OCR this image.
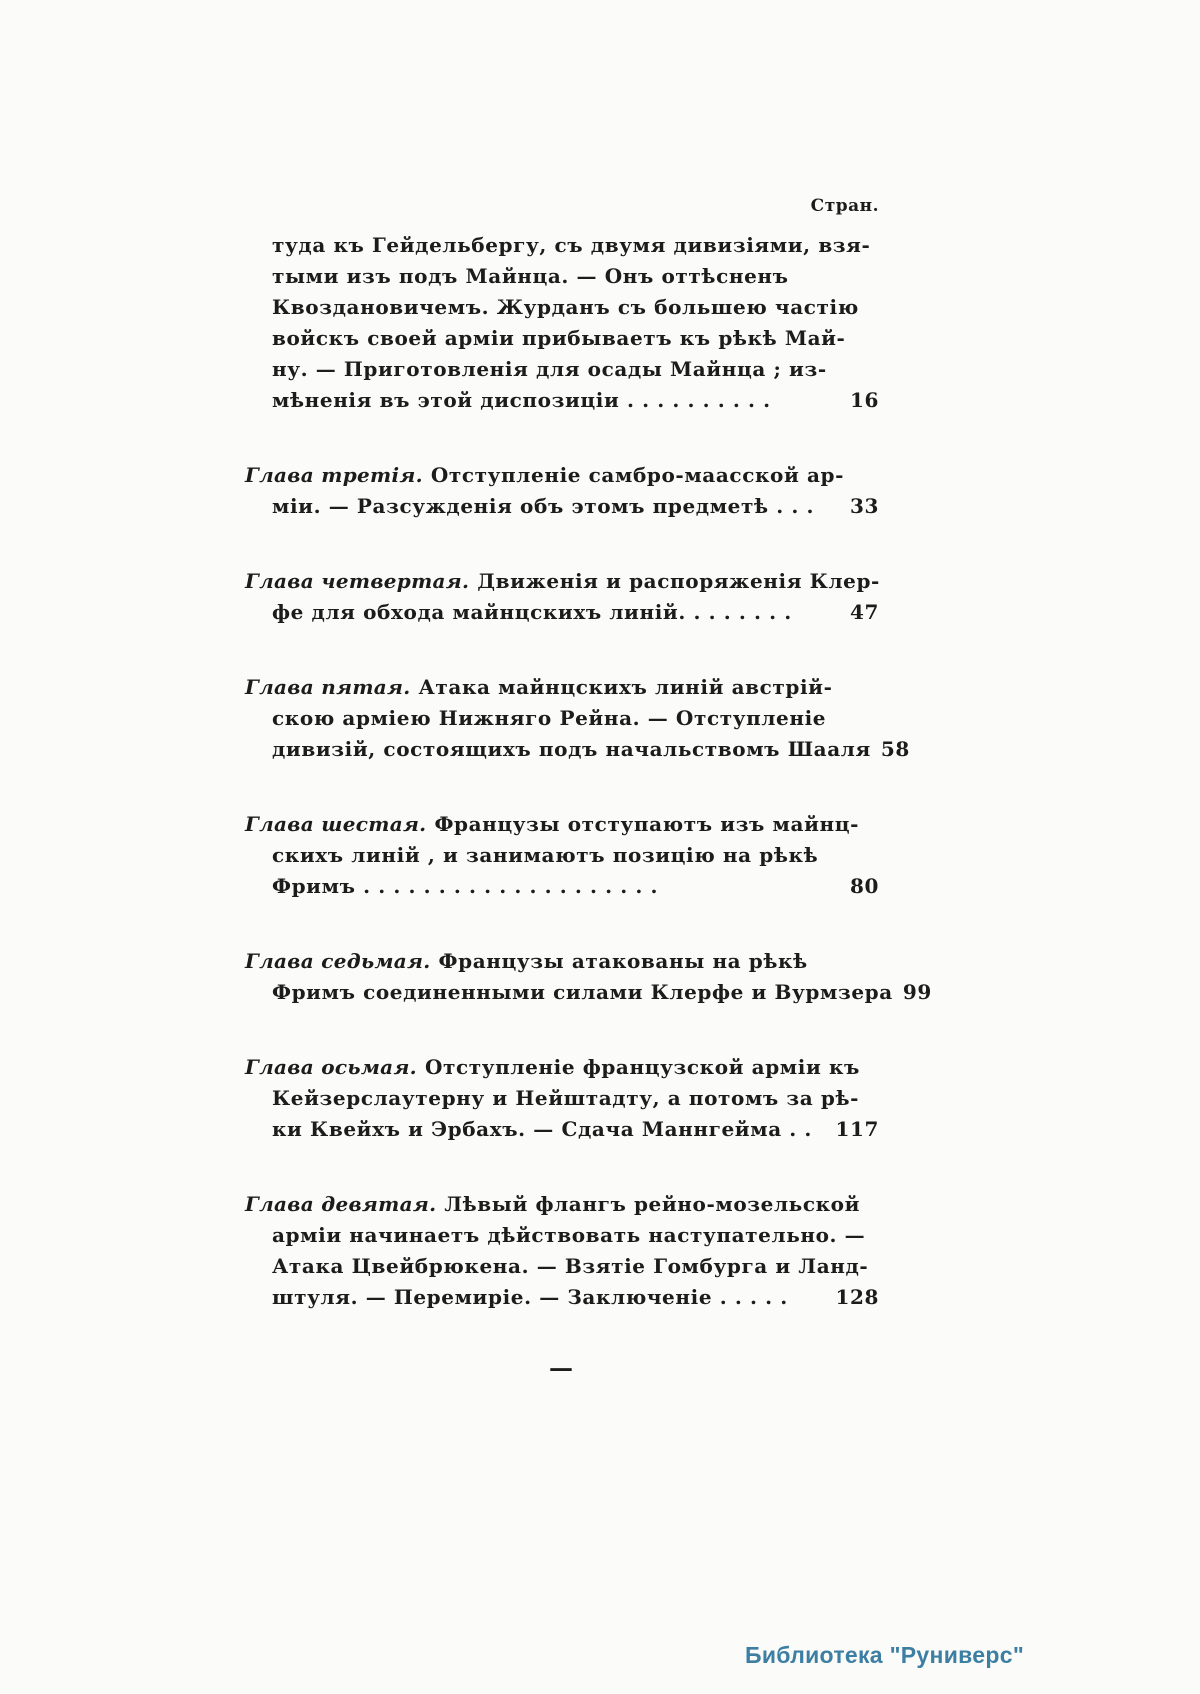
Стран.
туда къ Гейдельбергу, съ двумя дивизіями, взя-
тыми изъ подъ Майнца. — Онъ оттѣсненъ
Квоздановичемъ. Журданъ съ большею частію
войскъ своей арміи прибываетъ къ рѣкѣ Май-
ну. — Приготовленія для осады Майнца ; из-
мѣненія въ этой диспозиціи . . . . . . . . . .	16
Глава третія. Отступленіе самбро-маасской ар-
міи. — Разсужденія объ этомъ предметѣ . . . 33
Глава четвертая. Движенія и распоряженія Клер-
фе для обхода майнцскихъ линій. . . . . . . .	47
Глава пятая. Атака майнцскихъ линій австрій-
скою арміею Нижняго Рейна. — Отступленіе
дивизій, состоящихъ подъ начальствомъ Шааля 58
Глава шестая. Французы отступаютъ изъ майнц-
скихъ линій , и занимаютъ позицію на рѣкѣ
Фримъ . . . . . . . . . . . . . . . . . . . .	80
Глава седьмая. Французы атакованы на рѣкѣ
Фримъ соединенными силами Клерфе и Вурмзера 99
Глава осьмая. Отступленіе французской арміи къ
Кейзерслаутерну и Нейштадту, а потомъ за рѣ-
ки Квейхъ и Эрбахъ. — Сдача Маннгейма . . 117
Глава девятая. Лѣвый флангъ рейно-мозельской
арміи начинаетъ дѣйствовать наступательно. —
Атака Цвейбрюкена. — Взятіе Гомбурга и Ланд-
штуля. — Перемиріе. — Заключеніе . . . . . 128
—
Библиотека "Руниверс"
